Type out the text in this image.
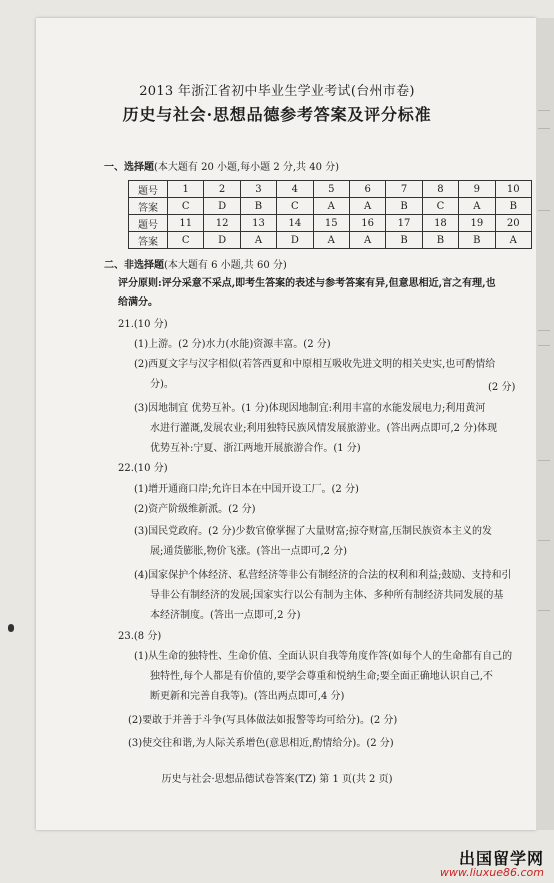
2013 年浙江省初中毕业生学业考试(台州市卷)
历史与社会·思想品德参考答案及评分标准
一、选择题(本大题有 20 小题,每小题 2 分,共 40 分)
题号	1	2	3	4	5	6	7	8	9	10
答案	C	D	B	C	A	A	B	C	A	B
题号	11	12	13	14	15	16	17	18	19	20
答案	C	D	A	D	A	A	B	B	B	A
二、非选择题(本大题有 6 小题,共 60 分)
评分原则:评分采意不采点,即考生答案的表述与参考答案有异,但意思相近,言之有理,也
给满分。
21.(10 分)
(1)上游。(2 分)水力(水能)资源丰富。(2 分)
(2)西夏文字与汉字相似(若答西夏和中原相互吸收先进文明的相关史实,也可酌情给
分)。	(2 分)
(3)因地制宜 优势互补。(1 分)体现因地制宜:利用丰富的水能发展电力;利用黄河
水进行灌溉,发展农业;利用独特民族风情发展旅游业。(答出两点即可,2 分)体现
优势互补:宁夏、浙江两地开展旅游合作。(1 分)
22.(10 分)
(1)增开通商口岸;允许日本在中国开设工厂。(2 分)
(2)资产阶级维新派。(2 分)
(3)国民党政府。(2 分)少数官僚掌握了大量财富;掠夺财富,压制民族资本主义的发
展;通货膨胀,物价飞涨。(答出一点即可,2 分)
(4)国家保护个体经济、私营经济等非公有制经济的合法的权利和利益;鼓励、支持和引
导非公有制经济的发展;国家实行以公有制为主体、多种所有制经济共同发展的基
本经济制度。(答出一点即可,2 分)
23.(8 分)
(1)从生命的独特性、生命价值、全面认识自我等角度作答(如每个人的生命都有自己的
独特性,每个人都是有价值的,要学会尊重和悦纳生命;要全面正确地认识自己,不
断更新和完善自我等)。(答出两点即可,4 分)
(2)要敢于并善于斗争(写具体做法如报警等均可给分)。(2 分)
(3)使交往和谐,为人际关系增色(意思相近,酌情给分)。(2 分)
历史与社会·思想品德试卷答案(TZ) 第 1 页(共 2 页)
出国留学网
www.liuxue86.com
